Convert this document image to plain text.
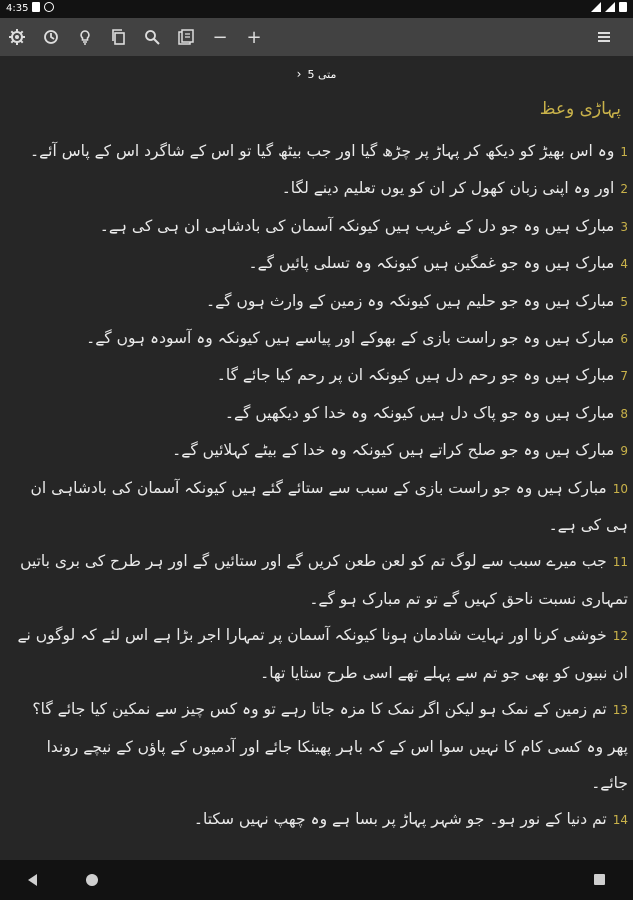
4:35
− +
› متی 5
پہاڑی وعظ

1وہ اس بھیڑ کو دیکھ کر پہاڑ پر چڑھ گیا اور جب بیٹھ گیا تو اس کے شاگرد اس کے پاس آئے۔

2اور وہ اپنی زبان کھول کر ان کو یوں تعلیم دینے لگا۔

3مبارک ہیں وہ جو دل کے غریب ہیں کیونکہ آسمان کی بادشاہی ان ہی کی ہے۔

4مبارک ہیں وہ جو غمگین ہیں کیونکہ وہ تسلی پائیں گے۔

5مبارک ہیں وہ جو حلیم ہیں کیونکہ وہ زمین کے وارث ہوں گے۔

6مبارک ہیں وہ جو راست بازی کے بھوکے اور پیاسے ہیں کیونکہ وہ آسودہ ہوں گے۔

7مبارک ہیں وہ جو رحم دل ہیں کیونکہ ان پر رحم کیا جائے گا۔

8مبارک ہیں وہ جو پاک دل ہیں کیونکہ وہ خدا کو دیکھیں گے۔

9مبارک ہیں وہ جو صلح کراتے ہیں کیونکہ وہ خدا کے بیٹے کہلائیں گے۔

10مبارک ہیں وہ جو راست بازی کے سبب سے ستائے گئے ہیں کیونکہ آسمان کی بادشاہی ان ہی کی ہے۔

11جب میرے سبب سے لوگ تم کو لعن طعن کریں گے اور ستائیں گے اور ہر طرح کی بری باتیں تمہاری نسبت ناحق کہیں گے تو تم مبارک ہو گے۔

12خوشی کرنا اور نہایت شادمان ہونا کیونکہ آسمان پر تمہارا اجر بڑا ہے اس لئے کہ لوگوں نے ان نبیوں کو بھی جو تم سے پہلے تھے اسی طرح ستایا تھا۔

13تم زمین کے نمک ہو لیکن اگر نمک کا مزہ جاتا رہے تو وہ کس چیز سے نمکین کیا جائے گا؟ پھر وہ کسی کام کا نہیں سوا اس کے کہ باہر پھینکا جائے اور آدمیوں کے پاؤں کے نیچے روندا جائے۔

14تم دنیا کے نور ہو۔ جو شہر پہاڑ پر بسا ہے وہ چھپ نہیں سکتا۔
